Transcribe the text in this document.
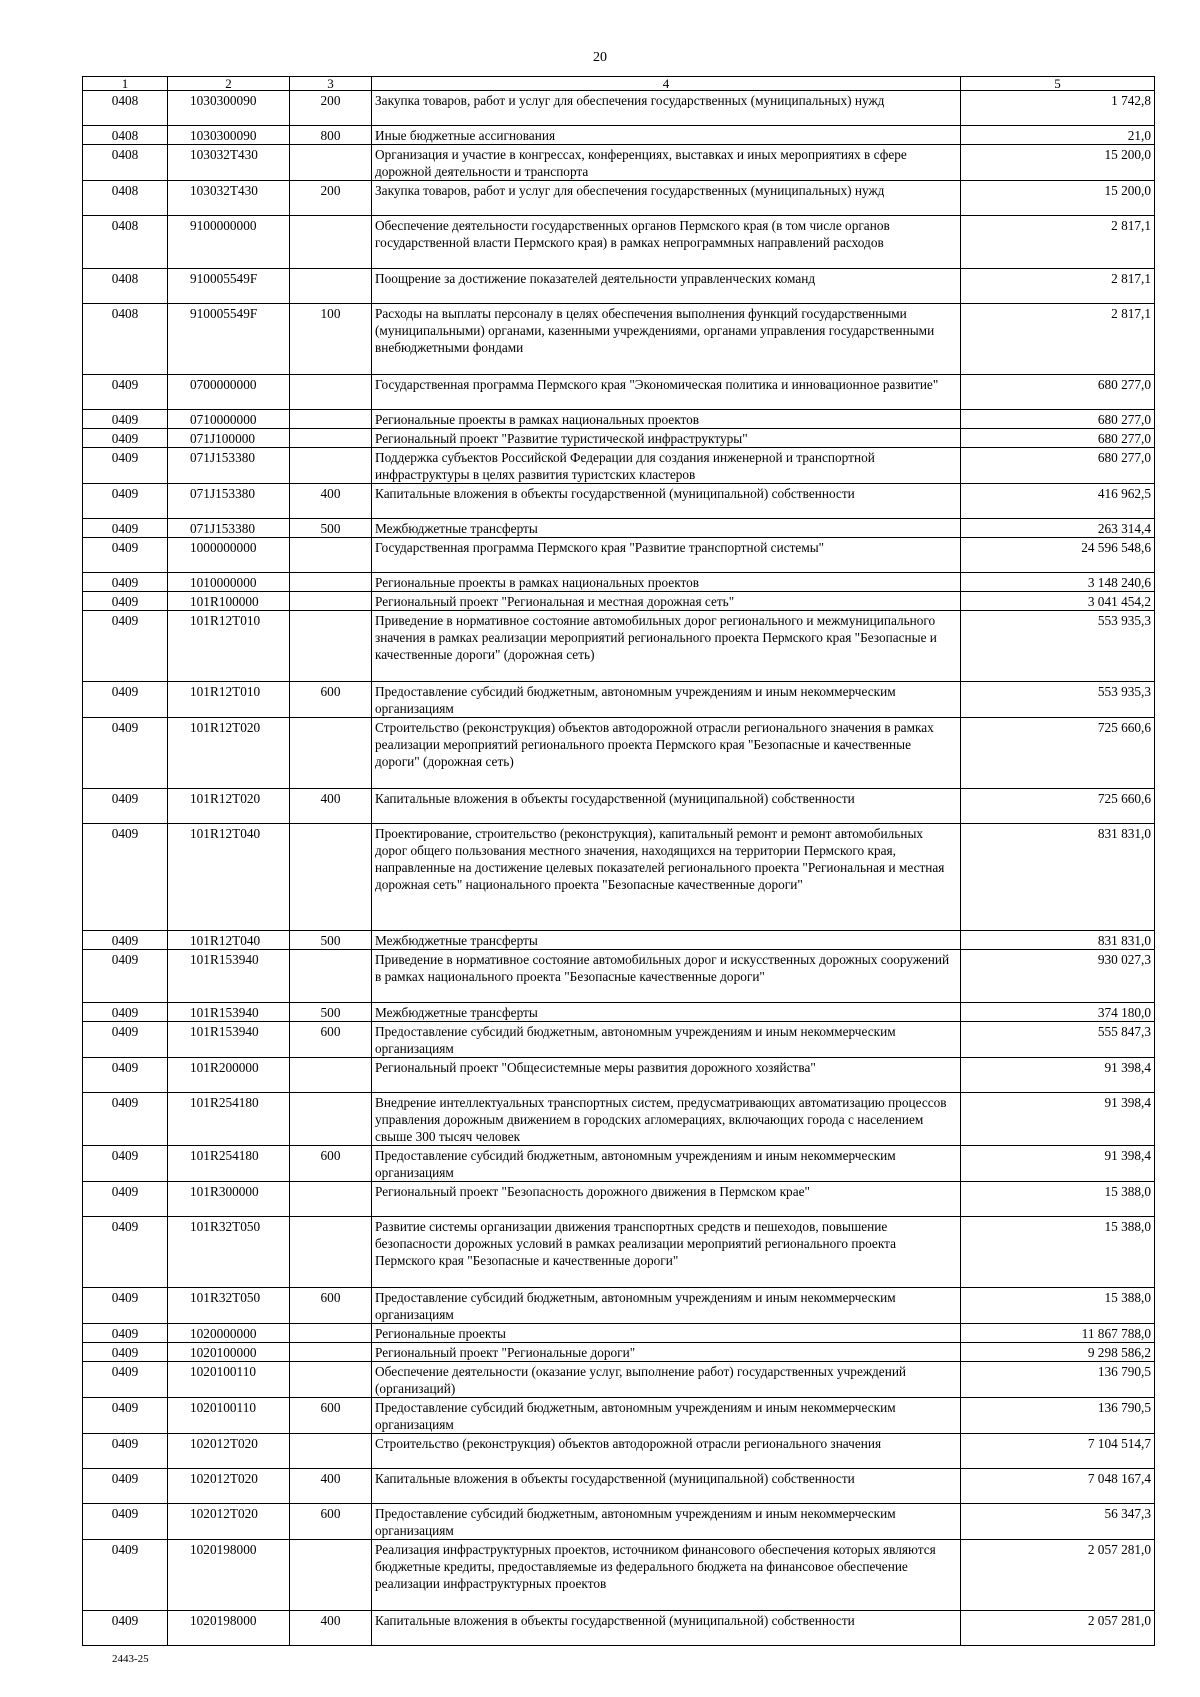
20
1	2	3	4	5
0408	1030300090	200	Закупка товаров, работ и услуг для обеспечения государственных (муниципальных) нужд	1 742,8
0408	1030300090	800	Иные бюджетные ассигнования	21,0
0408	103032Т430		Организация и участие в конгрессах, конференциях, выставках и иных мероприятиях в сфере дорожной деятельности и транспорта	15 200,0
0408	103032Т430	200	Закупка товаров, работ и услуг для обеспечения государственных (муниципальных) нужд	15 200,0
0408	9100000000		Обеспечение деятельности государственных органов Пермского края (в том числе органов государственной власти Пермского края) в рамках непрограммных направлений расходов	2 817,1
0408	910005549F		Поощрение за достижение показателей деятельности управленческих команд	2 817,1
0408	910005549F	100	Расходы на выплаты персоналу в целях обеспечения выполнения функций государственными (муниципальными) органами, казенными учреждениями, органами управления государственными внебюджетными фондами	2 817,1
0409	0700000000		Государственная программа Пермского края "Экономическая политика и инновационное развитие"	680 277,0
0409	0710000000		Региональные проекты в рамках национальных проектов	680 277,0
0409	071J100000		Региональный проект "Развитие туристической инфраструктуры"	680 277,0
0409	071J153380		Поддержка субъектов Российской Федерации для создания инженерной и транспортной инфраструктуры в целях развития туристских кластеров	680 277,0
0409	071J153380	400	Капитальные вложения в объекты государственной (муниципальной) собственности	416 962,5
0409	071J153380	500	Межбюджетные трансферты	263 314,4
0409	1000000000		Государственная программа Пермского края "Развитие транспортной системы"	24 596 548,6
0409	1010000000		Региональные проекты в рамках национальных проектов	3 148 240,6
0409	101R100000		Региональный проект "Региональная и местная дорожная сеть"	3 041 454,2
0409	101R12Т010		Приведение в нормативное состояние автомобильных дорог регионального и межмуниципального значения в рамках реализации мероприятий регионального проекта Пермского края "Безопасные и качественные дороги" (дорожная сеть)	553 935,3
0409	101R12Т010	600	Предоставление субсидий бюджетным, автономным учреждениям и иным некоммерческим организациям	553 935,3
0409	101R12Т020		Строительство (реконструкция) объектов автодорожной отрасли регионального значения в рамках реализации мероприятий регионального проекта Пермского края "Безопасные и качественные дороги" (дорожная сеть)	725 660,6
0409	101R12Т020	400	Капитальные вложения в объекты государственной (муниципальной) собственности	725 660,6
0409	101R12Т040		Проектирование, строительство (реконструкция), капитальный ремонт и ремонт автомобильных дорог общего пользования местного значения, находящихся на территории Пермского края, направленные на достижение целевых показателей регионального проекта "Региональная и местная дорожная сеть" национального проекта "Безопасные качественные дороги"	831 831,0
0409	101R12Т040	500	Межбюджетные трансферты	831 831,0
0409	101R153940		Приведение в нормативное состояние автомобильных дорог и искусственных дорожных сооружений в рамках национального проекта "Безопасные качественные дороги"	930 027,3
0409	101R153940	500	Межбюджетные трансферты	374 180,0
0409	101R153940	600	Предоставление субсидий бюджетным, автономным учреждениям и иным некоммерческим организациям	555 847,3
0409	101R200000		Региональный проект "Общесистемные меры развития дорожного хозяйства"	91 398,4
0409	101R254180		Внедрение интеллектуальных транспортных систем, предусматривающих автоматизацию процессов управления дорожным движением в городских агломерациях, включающих города с населением свыше 300 тысяч человек	91 398,4
0409	101R254180	600	Предоставление субсидий бюджетным, автономным учреждениям и иным некоммерческим организациям	91 398,4
0409	101R300000		Региональный проект "Безопасность дорожного движения в Пермском крае"	15 388,0
0409	101R32Т050		Развитие системы организации движения транспортных средств и пешеходов, повышение безопасности дорожных условий в рамках реализации мероприятий регионального проекта Пермского края "Безопасные и качественные дороги"	15 388,0
0409	101R32Т050	600	Предоставление субсидий бюджетным, автономным учреждениям и иным некоммерческим организациям	15 388,0
0409	1020000000		Региональные проекты	11 867 788,0
0409	1020100000		Региональный проект "Региональные дороги"	9 298 586,2
0409	1020100110		Обеспечение деятельности (оказание услуг, выполнение работ) государственных учреждений (организаций)	136 790,5
0409	1020100110	600	Предоставление субсидий бюджетным, автономным учреждениям и иным некоммерческим организациям	136 790,5
0409	102012Т020		Строительство (реконструкция) объектов автодорожной отрасли регионального значения	7 104 514,7
0409	102012Т020	400	Капитальные вложения в объекты государственной (муниципальной) собственности	7 048 167,4
0409	102012Т020	600	Предоставление субсидий бюджетным, автономным учреждениям и иным некоммерческим организациям	56 347,3
0409	1020198000		Реализация инфраструктурных проектов, источником финансового обеспечения которых являются бюджетные кредиты, предоставляемые из федерального бюджета на финансовое обеспечение реализации инфраструктурных проектов	2 057 281,0
0409	1020198000	400	Капитальные вложения в объекты государственной (муниципальной) собственности	2 057 281,0
2443-25
